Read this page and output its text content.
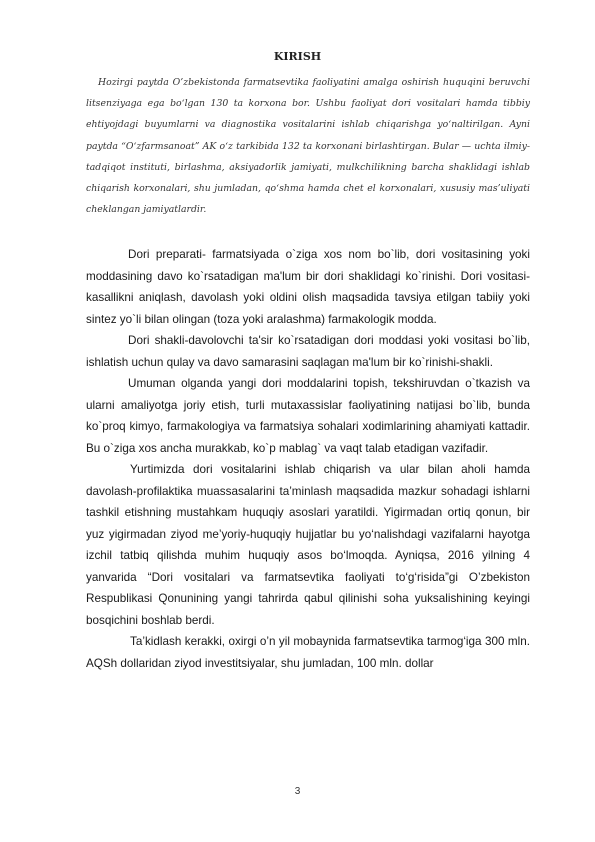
KIRISH

Hozirgi paytda O’zbekistonda farmatsevtika faoliyatini amalga oshirish huquqini beruvchi litsenziyaga ega bo‘lgan 130 ta korxona bor. Ushbu faoliyat dori vositalari hamda tibbiy ehtiyojdagi buyumlarni va diagnostika vositalarini ishlab chiqarishga yo‘naltirilgan. Ayni paytda “O‘zfarmsanoat” AK o‘z tarkibida 132 ta korxonani birlashtirgan. Bular — uchta ilmiy-tadqiqot instituti, birlashma, aksiyadorlik jamiyati, mulkchilikning barcha shaklidagi ishlab chiqarish korxonalari, shu jumladan, qo‘shma hamda chet el korxonalari, xususiy mas’uliyati cheklangan jamiyatlardir.

Dori preparati- farmatsiyada o`ziga xos nom bo`lib, dori vositasining yoki moddasining davo ko`rsatadigan ma'lum bir dori shaklidagi ko`rinishi. Dori vositasi-kasallikni aniqlash, davolash yoki oldini olish maqsadida tavsiya etilgan tabiiy yoki sintez yo`li bilan olingan (toza yoki aralashma) farmakologik modda.

Dori shakli-davolovchi ta'sir ko`rsatadigan dori moddasi yoki vositasi bo`lib, ishlatish uchun qulay va davo samarasini saqlagan ma'lum bir ko`rinishi-shakli.

Umuman olganda yangi dori moddalarini topish, tekshiruvdan o`tkazish va ularni amaliyotga joriy etish, turli mutaxassislar faoliyatining natijasi bo`lib, bunda ko`proq kimyo, farmakologiya va farmatsiya sohalari xodimlarining ahamiyati kattadir. Bu o`ziga xos ancha murakkab, ko`p mablag` va vaqt talab etadigan vazifadir.

Yurtimizda dori vositalarini ishlab chiqarish va ular bilan aholi hamda davolash-profilaktika muassasalarini ta’minlash maqsadida mazkur sohadagi ishlarni tashkil etishning mustahkam huquqiy asoslari yaratildi. Yigirmadan ortiq qonun, bir yuz yigirmadan ziyod me’yoriy-huquqiy hujjatlar bu yo‘nalishdagi vazifalarni hayotga izchil tatbiq qilishda muhim huquqiy asos bo‘lmoqda. Ayniqsa, 2016 yilning 4 yanvarida “Dori vositalari va farmatsevtika faoliyati to‘g‘risida”gi O’zbekiston Respublikasi Qonunining yangi tahrirda qabul qilinishi soha yuksalishining keyingi bosqichini boshlab berdi.

Ta’kidlash kerakki, oxirgi o’n yil mobaynida farmatsevtika tarmog‘iga 300 mln. AQSh dollaridan ziyod investitsiyalar, shu jumladan, 100 mln. dollar

3
